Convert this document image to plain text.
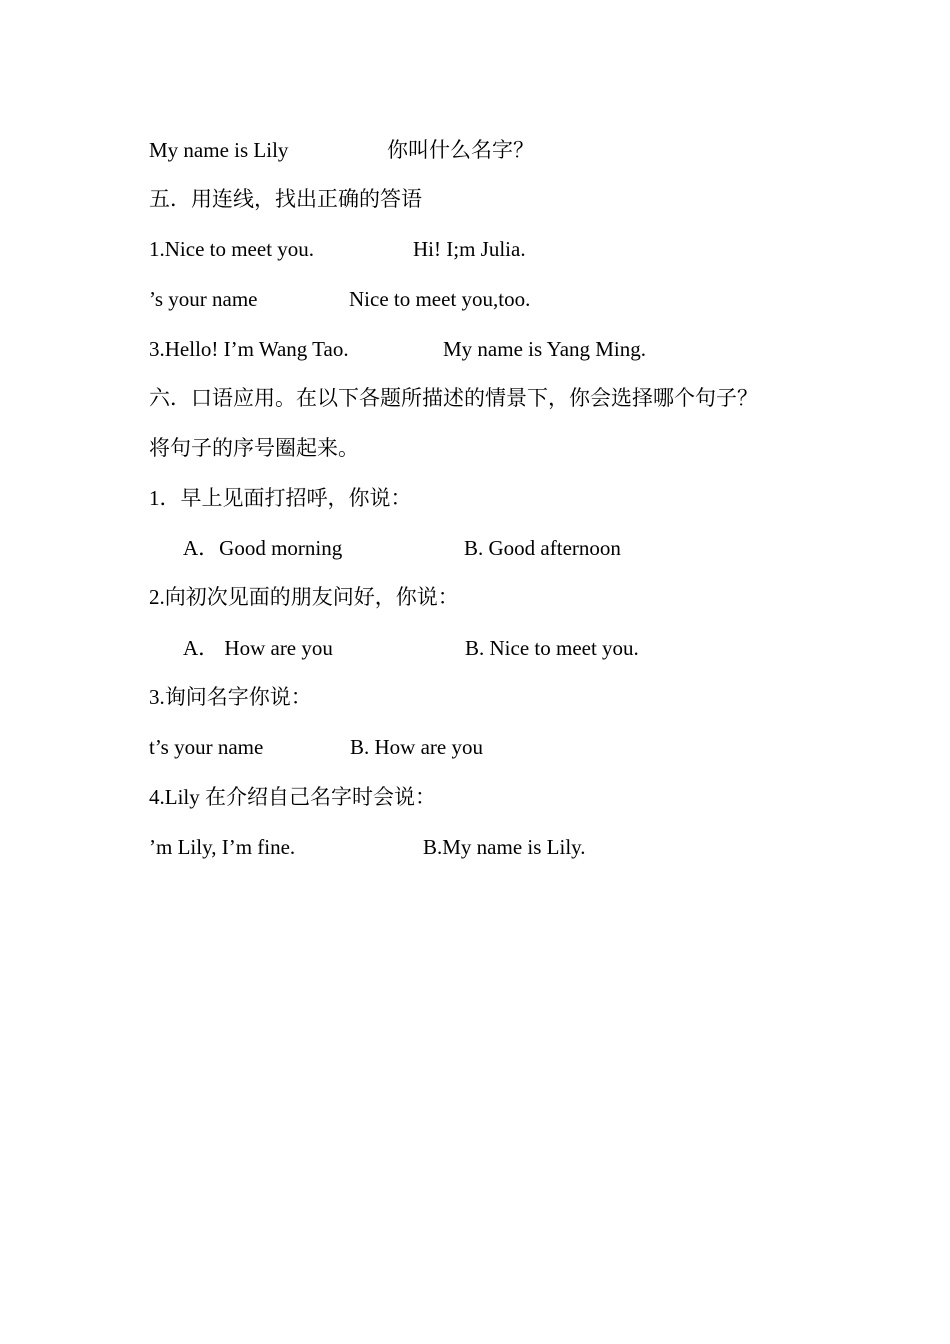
My name is Lily	你叫什么名字？
五．用连线，找出正确的答语
1.Nice to meet you.	Hi! I;m Julia.
’s your name	Nice to meet you,too.
3.Hello! I’m Wang Tao.	My name is Yang Ming.
六．口语应用。在以下各题所描述的情景下，你会选择哪个句子？
将句子的序号圈起来。
1．早上见面打招呼，你说：
A．Good morning	B. Good afternoon
2.向初次见面的朋友问好，你说：
A． How are you	B. Nice to meet you.
3.询问名字你说：
t’s your name	B. How are you
4.Lily 在介绍自己名字时会说：
’m Lily, I’m fine.	B.My name is Lily.
